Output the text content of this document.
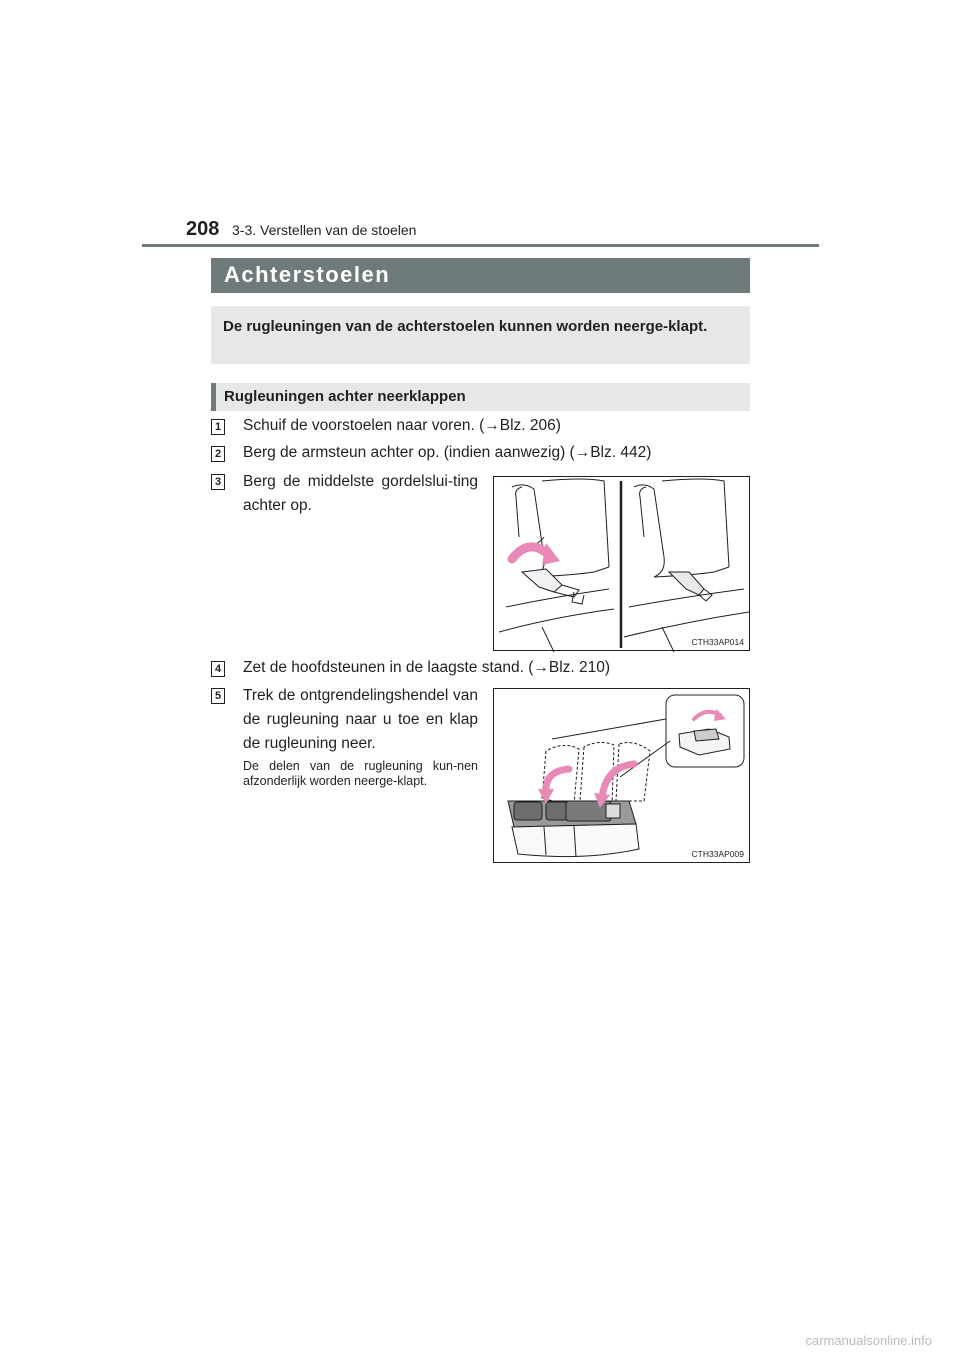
208 3-3. Verstellen van de stoelen
Achterstoelen

De rugleuningen van de achterstoelen kunnen worden neerge-klapt.

Rugleuningen achter neerklappen
1 Schuif de voorstoelen naar voren. (→Blz. 206)
2 Berg de armsteun achter op. (indien aanwezig) (→Blz. 442)
3 Berg de middelste gordelslui-ting achter op.
CTH33AP014
4 Zet de hoofdsteunen in de laagste stand. (→Blz. 210)
5 Trek de ontgrendelingshendel van de rugleuning naar u toe en klap de rugleuning neer.
De delen van de rugleuning kun-nen afzonderlijk worden neerge-klapt.
CTH33AP009
carmanualsonline.info
